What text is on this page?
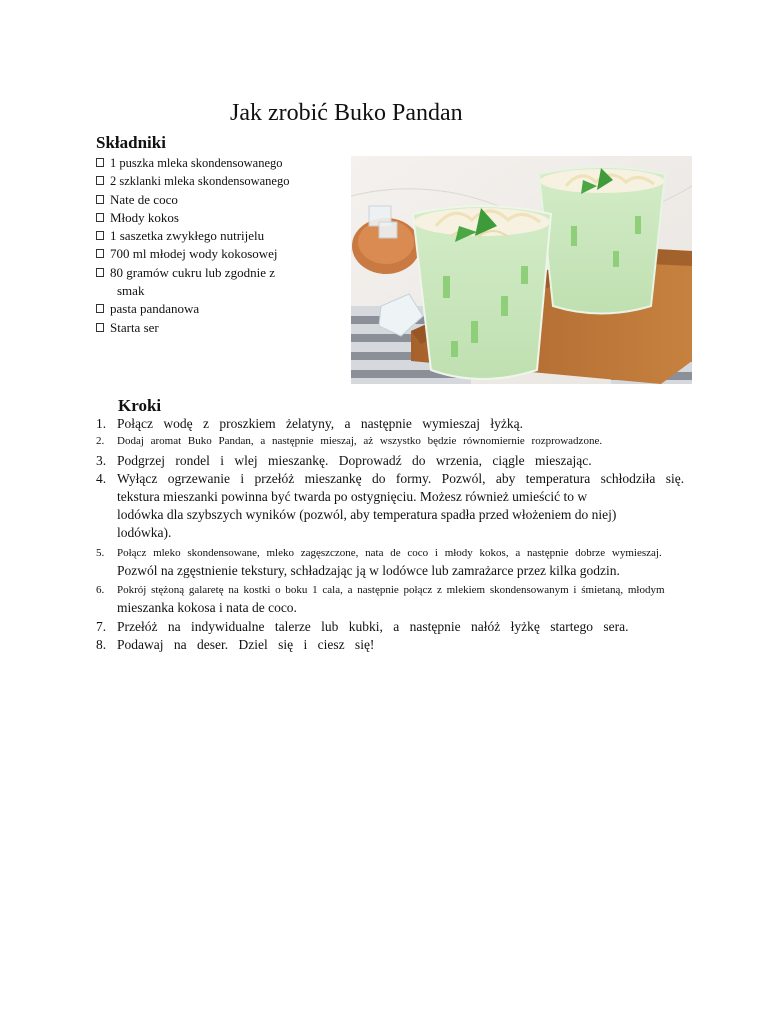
Jak zrobić Buko Pandan
Składniki
1 puszka mleka skondensowanego
2 szklanki mleka skondensowanego
Nate de coco
Młody kokos
1 saszetka zwykłego nutrijelu
700 ml młodej wody kokosowej
80 gramów cukru lub zgodnie z
smak
pasta pandanowa
Starta ser
Kroki
1. Połącz wodę z proszkiem żelatyny, a następnie wymieszaj łyżką.
2.	Dodaj aromat Buko Pandan, a następnie mieszaj, aż wszystko będzie równomiernie rozprowadzone.
3. Podgrzej rondel i wlej mieszankę. Doprowadź do wrzenia, ciągle mieszając.
4. Wyłącz ogrzewanie i przełóż mieszankę do formy. Pozwól, aby temperatura schłodziła się.
tekstura mieszanki powinna być twarda po ostygnięciu. Możesz również umieścić to w
lodówka dla szybszych wyników (pozwól, aby temperatura spadła przed włożeniem do niej)
lodówka).
5.	Połącz mleko skondensowane, mleko zagęszczone, nata de coco i młody kokos, a następnie dobrze wymieszaj.
Pozwól na zgęstnienie tekstury, schładzając ją w lodówce lub zamrażarce przez kilka godzin.
6.	Pokrój stężoną galaretę na kostki o boku 1 cala, a następnie połącz z mlekiem skondensowanym i śmietaną, młodym
mieszanka kokosa i nata de coco.
7. Przełóż na indywidualne talerze lub kubki, a następnie nałóż łyżkę startego sera.
8. Podawaj na deser. Dziel się i ciesz się!
